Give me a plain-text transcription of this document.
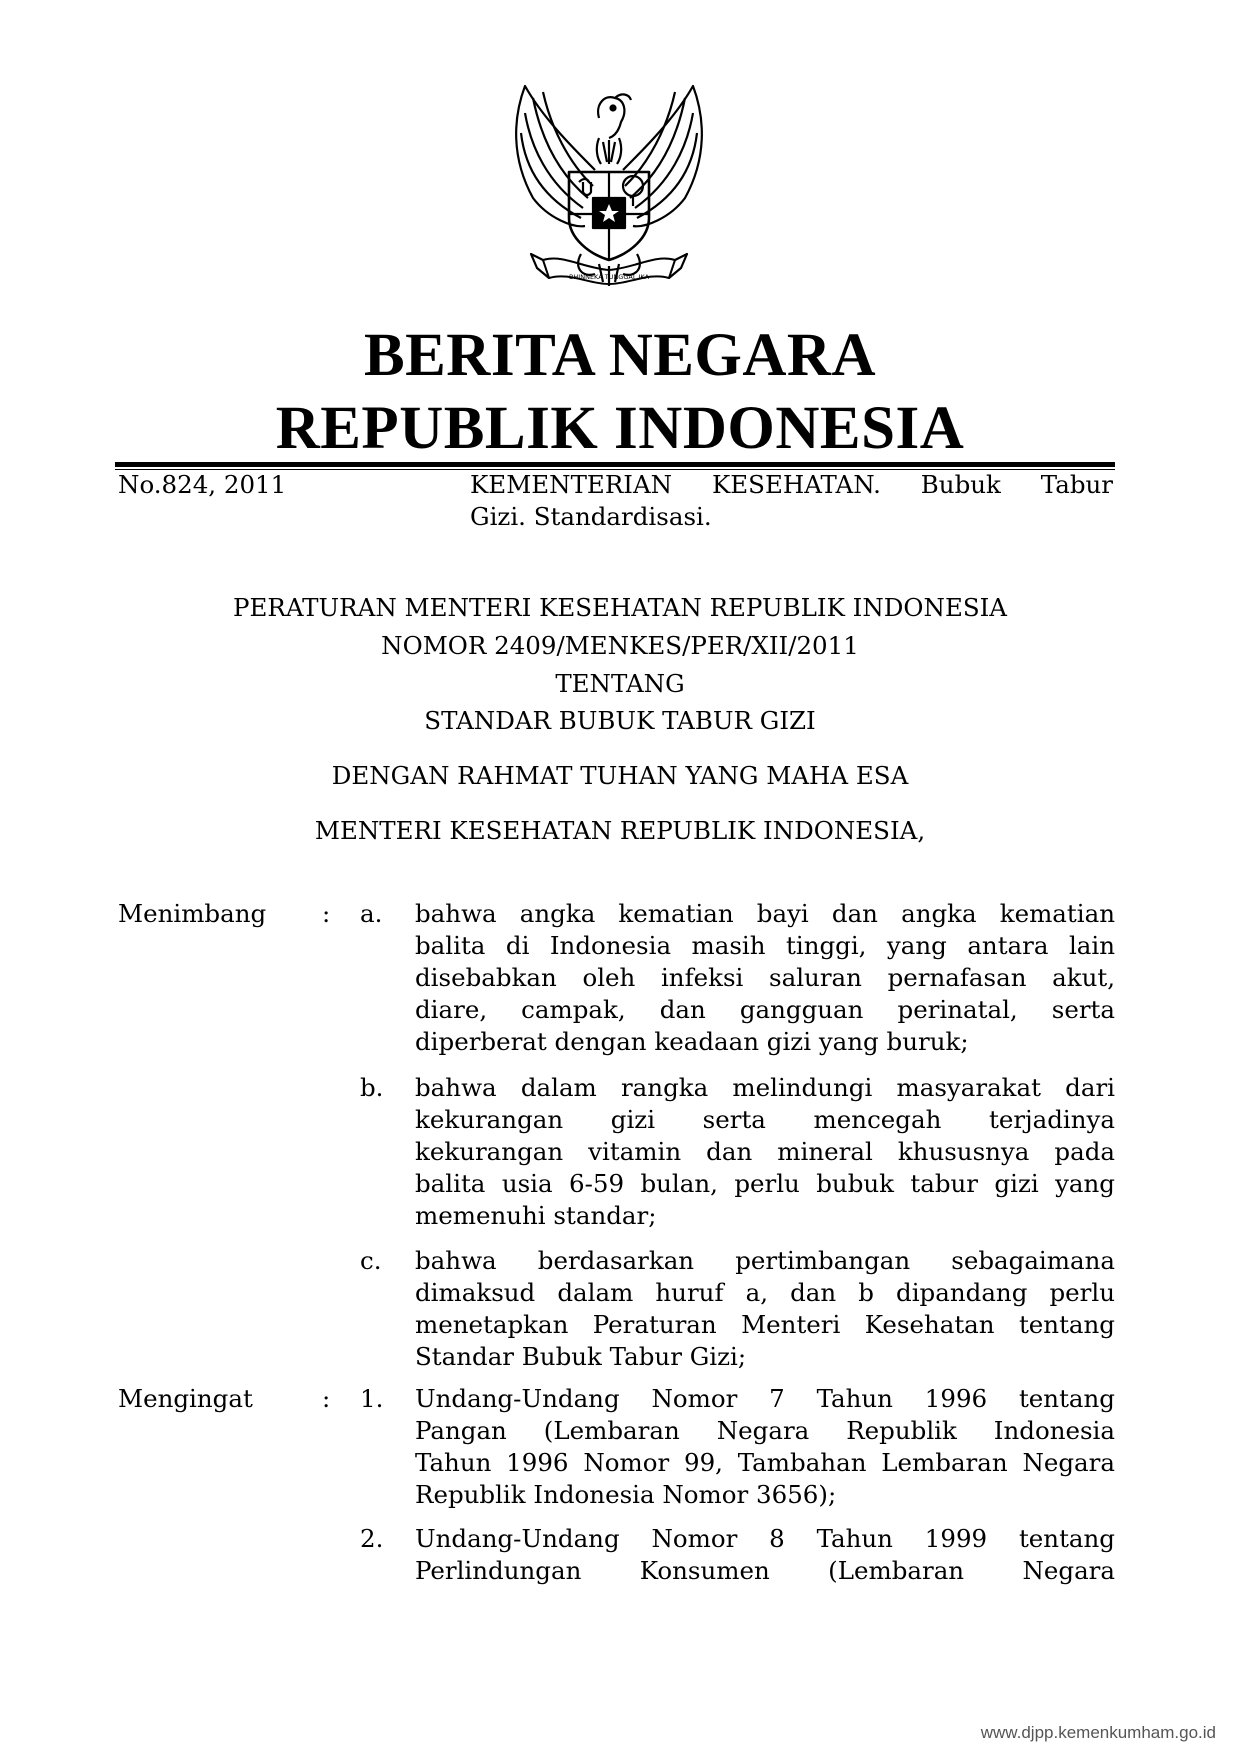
BHINNEKA TUNGGAL IKA
BERITA NEGARA
REPUBLIK INDONESIA
No.824, 2011	KEMENTERIAN KESEHATAN. Bubuk Tabur
Gizi. Standardisasi.
PERATURAN MENTERI KESEHATAN REPUBLIK INDONESIA
NOMOR 2409/MENKES/PER/XII/2011
TENTANG
STANDAR BUBUK TABUR GIZI
DENGAN RAHMAT TUHAN YANG MAHA ESA
MENTERI KESEHATAN REPUBLIK INDONESIA,
Menimbang : a. bahwa angka kematian bayi dan angka kematian
balita di Indonesia masih tinggi, yang antara lain
disebabkan oleh infeksi saluran pernafasan akut,
diare, campak, dan gangguan perinatal, serta
diperberat dengan keadaan gizi yang buruk;
b. bahwa dalam rangka melindungi masyarakat dari
kekurangan gizi serta mencegah terjadinya
kekurangan vitamin dan mineral khususnya pada
balita usia 6-59 bulan, perlu bubuk tabur gizi yang
memenuhi standar;
c. bahwa berdasarkan pertimbangan sebagaimana
dimaksud dalam huruf a, dan b dipandang perlu
menetapkan Peraturan Menteri Kesehatan tentang
Standar Bubuk Tabur Gizi;
Mengingat	: 1. Undang-Undang Nomor 7 Tahun 1996 tentang
Pangan (Lembaran Negara Republik Indonesia
Tahun 1996 Nomor 99, Tambahan Lembaran Negara
Republik Indonesia Nomor 3656);
2. Undang-Undang Nomor 8 Tahun 1999 tentang
Perlindungan Konsumen (Lembaran Negara
www.djpp.kemenkumham.go.id
